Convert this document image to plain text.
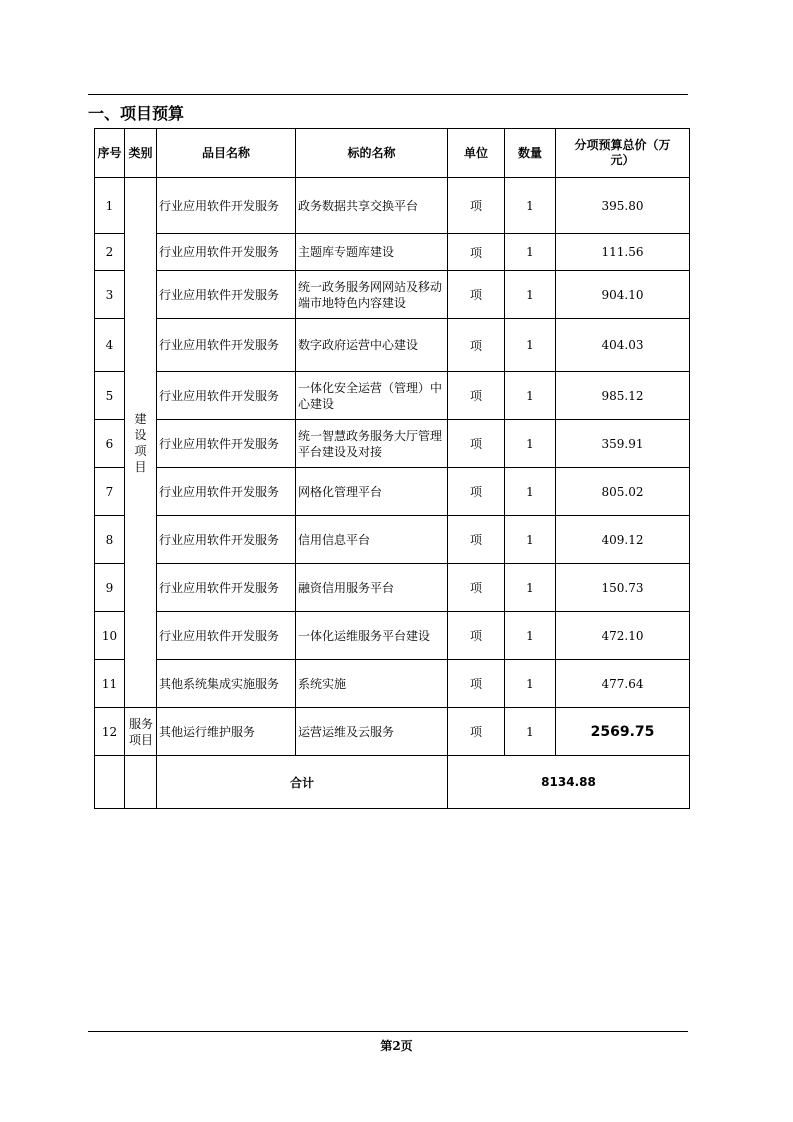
一、项目预算
序号	类别	品目名称	标的名称	单位	数量	分项预算总价（万元）
1	建设项目	行业应用软件开发服务	政务数据共享交换平台	项	1	395.80
2		行业应用软件开发服务	主题库专题库建设	项	1	111.56
3		行业应用软件开发服务	统一政务服务网网站及移动端市地特色内容建设	项	1	904.10
4		行业应用软件开发服务	数字政府运营中心建设	项	1	404.03
5		行业应用软件开发服务	一体化安全运营（管理）中心建设	项	1	985.12
6		行业应用软件开发服务	统一智慧政务服务大厅管理平台建设及对接	项	1	359.91
7		行业应用软件开发服务	网格化管理平台	项	1	805.02
8		行业应用软件开发服务	信用信息平台	项	1	409.12
9		行业应用软件开发服务	融资信用服务平台	项	1	150.73
10		行业应用软件开发服务	一体化运维服务平台建设	项	1	472.10
11		其他系统集成实施服务	系统实施	项	1	477.64
12	服务项目	其他运行维护服务	运营运维及云服务	项	1	2569.75
		合计		8134.88		
第2页
